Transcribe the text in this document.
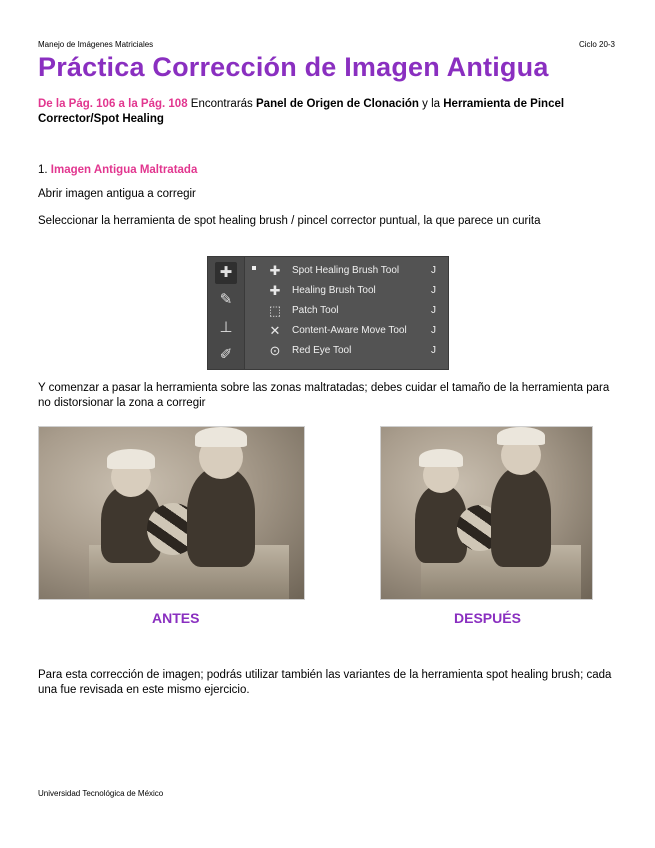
Manejo de Imágenes Matriciales	Ciclo 20-3
Práctica Corrección de Imagen Antigua
De la Pág. 106 a la Pág. 108 Encontrarás Panel de Origen de Clonación y la Herramienta de Pincel Corrector/Spot Healing
1. Imagen Antigua Maltratada
Abrir imagen antigua a corregir
Seleccionar la herramienta de spot healing brush / pincel corrector puntual, la que parece un curita
✚
✎
⊥
✐
✚	Spot Healing Brush Tool	J
✚	Healing Brush Tool	J
⬚ Patch Tool	J
✕	Content-Aware Move Tool J
⊙	Red Eye Tool	J
Y comenzar a pasar la herramienta sobre las zonas maltratadas; debes cuidar el tamaño de la herramienta para no distorsionar la zona a corregir
ANTES	DESPUÉS
Para esta corrección de imagen; podrás utilizar también las variantes de la herramienta spot healing brush; cada una fue revisada en este mismo ejercicio.
Universidad Tecnológica de México
